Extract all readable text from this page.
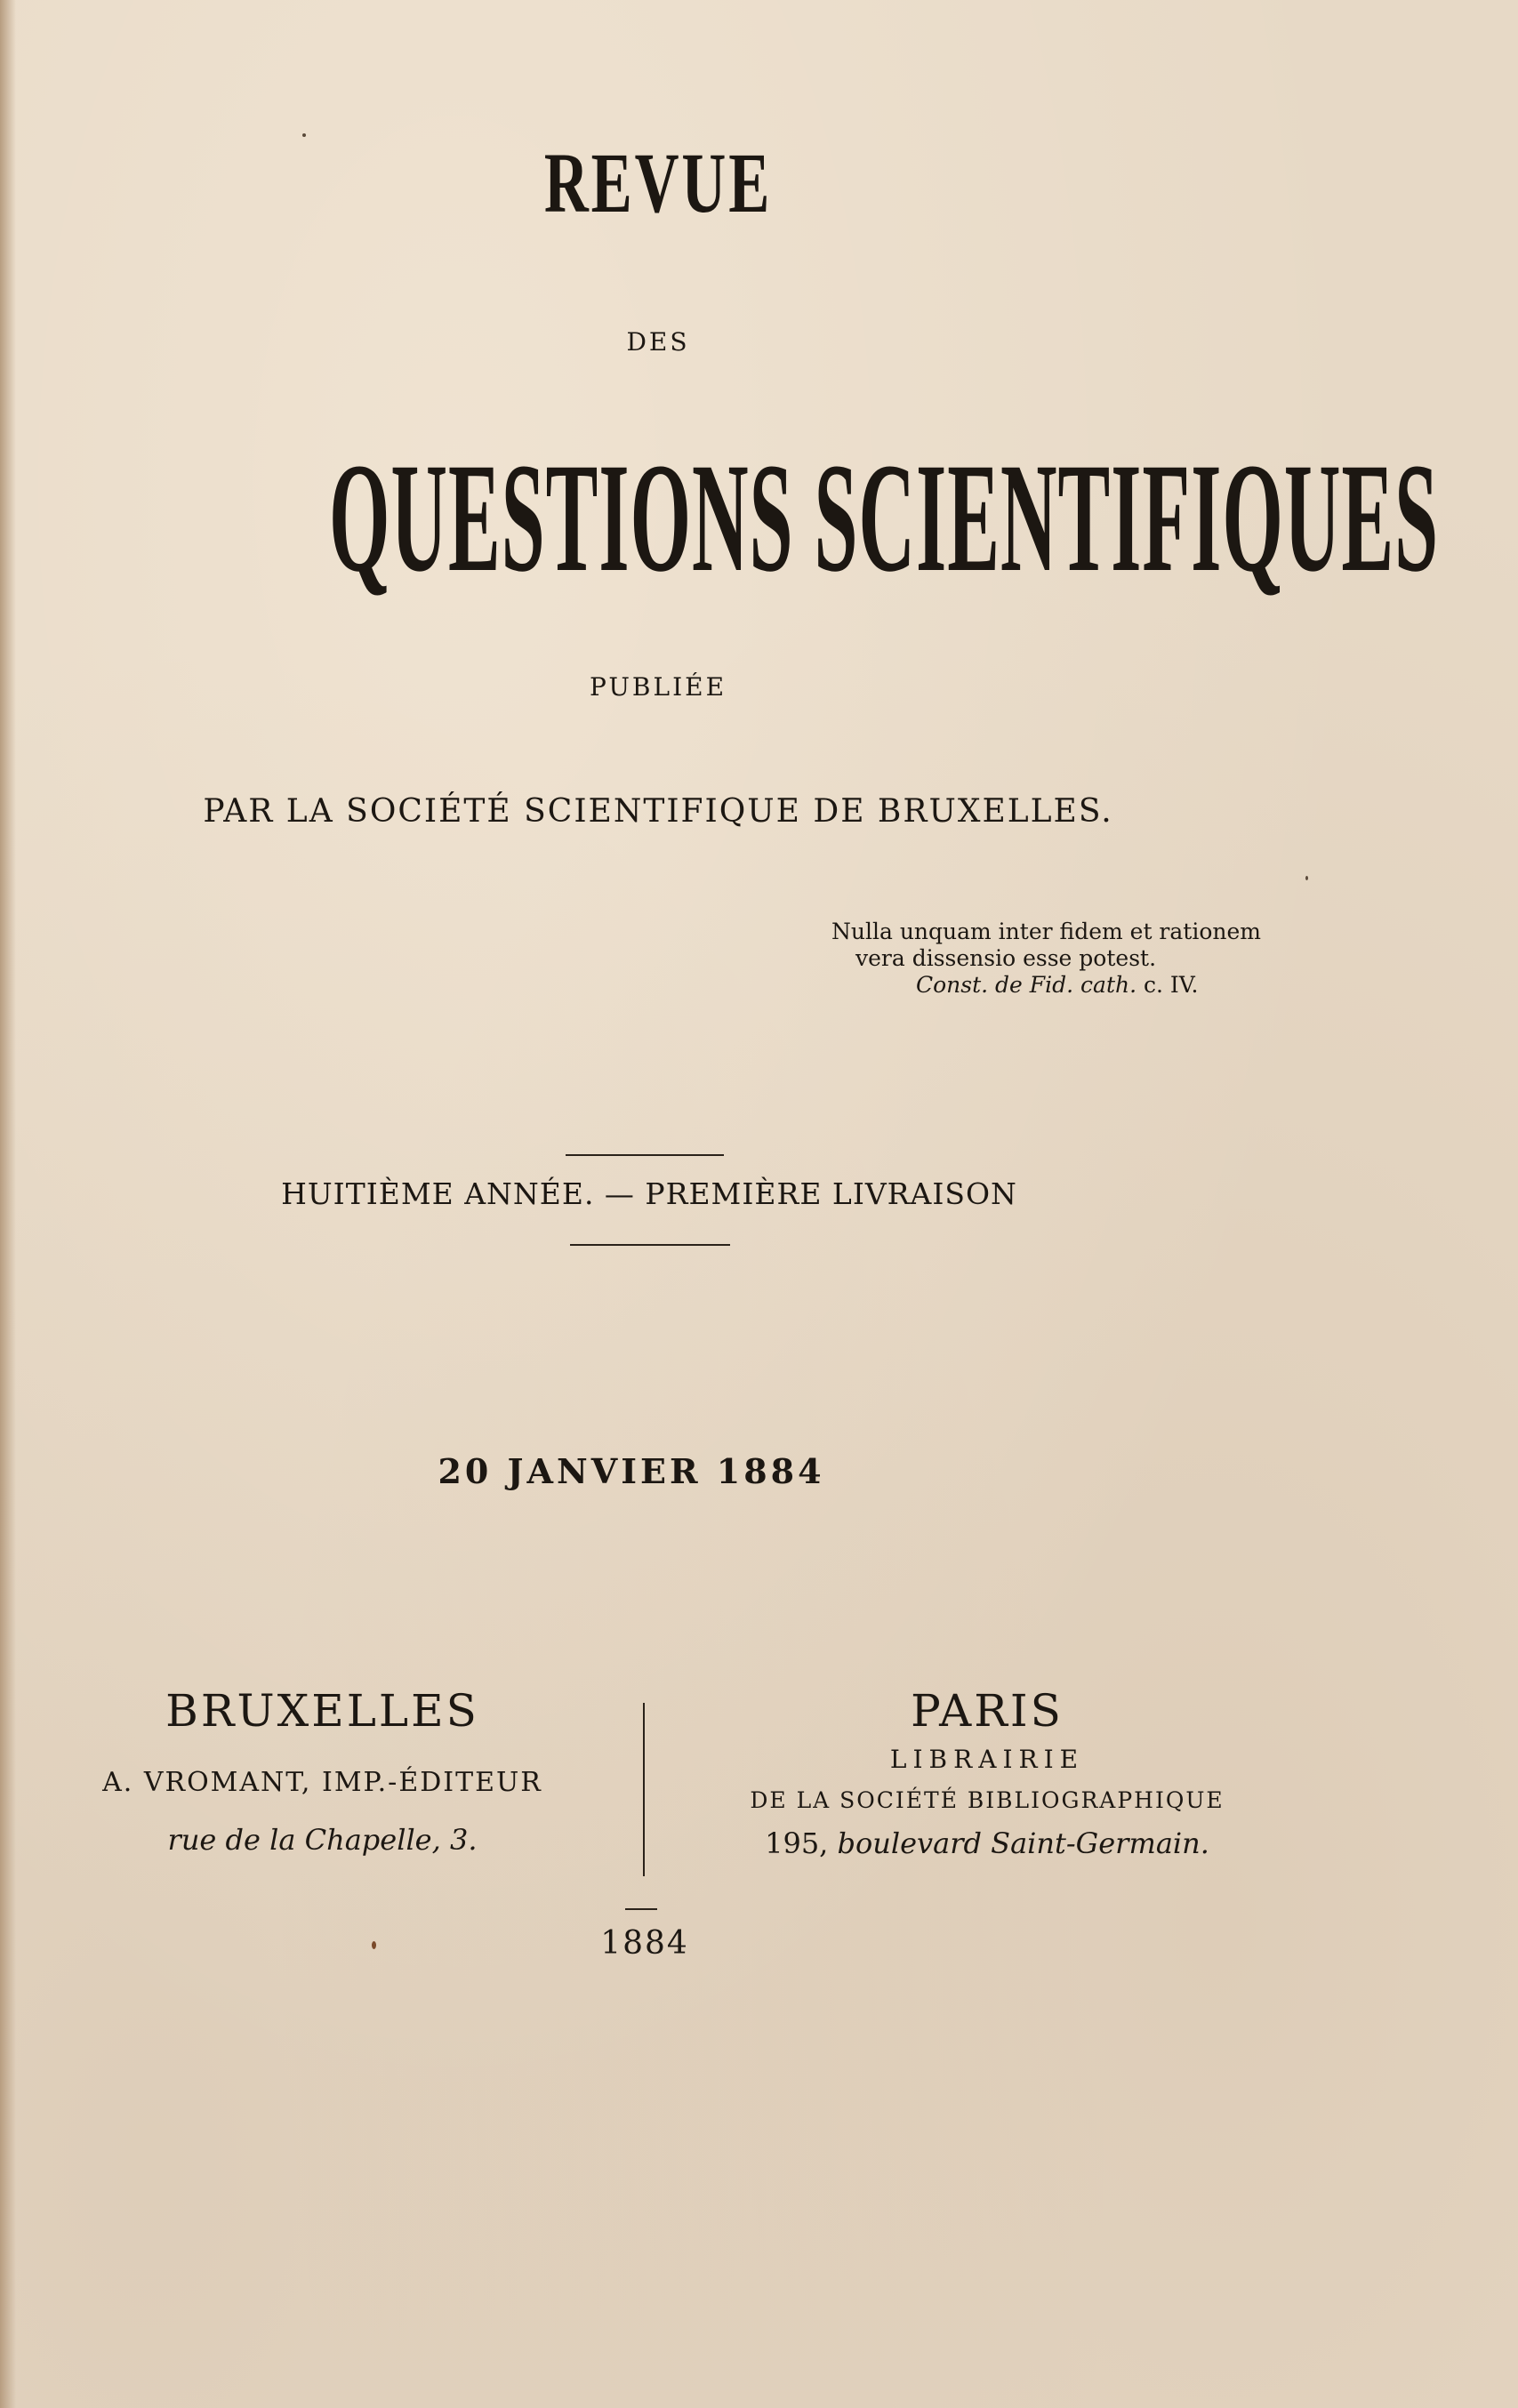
REVUE
DES
QUESTIONS SCIENTIFIQUES
PUBLIÉE
PAR LA SOCIÉTÉ SCIENTIFIQUE DE BRUXELLES.
Nulla unquam inter fidem et rationem
vera dissensio esse potest.
Const. de Fid. cath. c. IV.
HUITIÈME ANNÉE. — PREMIÈRE LIVRAISON
20 JANVIER 1884
BRUXELLES
A. VROMANT, IMP.-ÉDITEUR
rue de la Chapelle, 3.
PARIS
LIBRAIRIE
DE LA SOCIÉTÉ BIBLIOGRAPHIQUE
195, boulevard Saint-Germain.
1884
